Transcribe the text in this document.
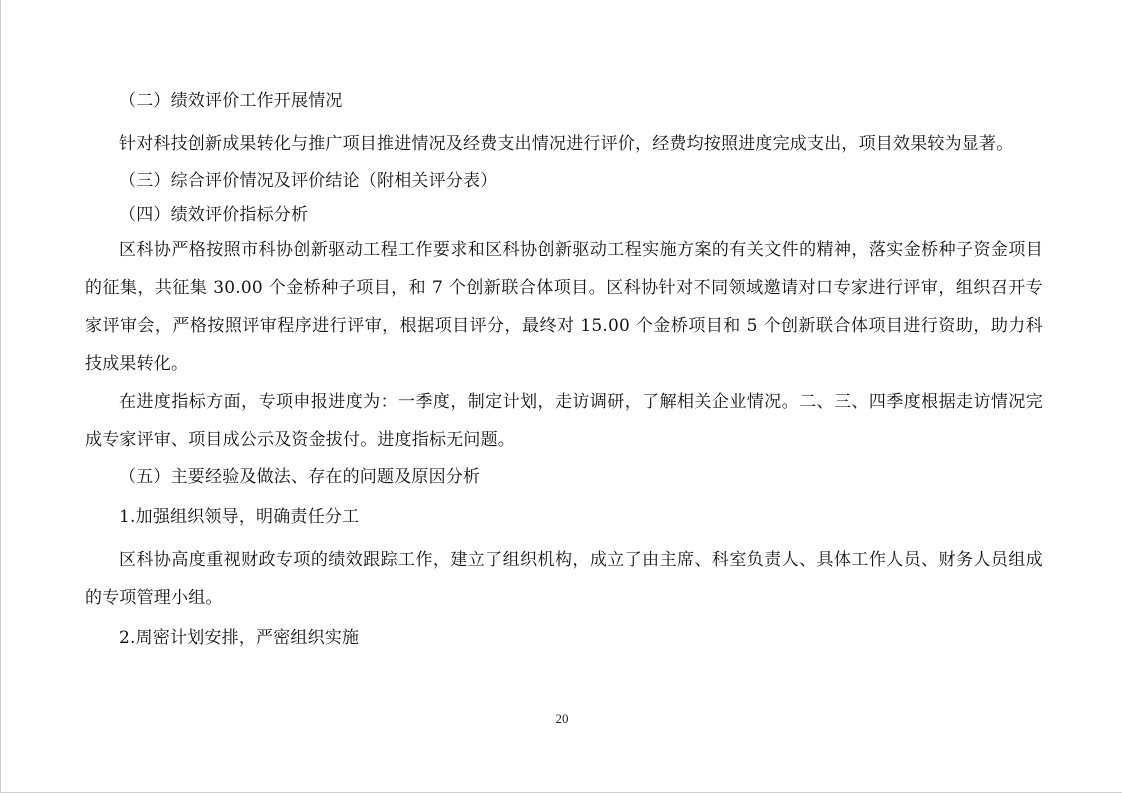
（二）绩效评价工作开展情况

针对科技创新成果转化与推广项目推进情况及经费支出情况进行评价，经费均按照进度完成支出，项目效果较为显著。

（三）综合评价情况及评价结论（附相关评分表）

（四）绩效评价指标分析

区科协严格按照市科协创新驱动工程工作要求和区科协创新驱动工程实施方案的有关文件的精神，落实金桥种子资金项目的征集，共征集 30.00 个金桥种子项目，和 7 个创新联合体项目。区科协针对不同领域邀请对口专家进行评审，组织召开专家评审会，严格按照评审程序进行评审，根据项目评分，最终对 15.00 个金桥项目和 5 个创新联合体项目进行资助，助力科技成果转化。

在进度指标方面，专项申报进度为：一季度，制定计划，走访调研，了解相关企业情况。二、三、四季度根据走访情况完成专家评审、项目成公示及资金拔付。进度指标无问题。

（五）主要经验及做法、存在的问题及原因分析

1.加强组织领导，明确责任分工

区科协高度重视财政专项的绩效跟踪工作，建立了组织机构，成立了由主席、科室负责人、具体工作人员、财务人员组成的专项管理小组。

2.周密计划安排，严密组织实施

20
